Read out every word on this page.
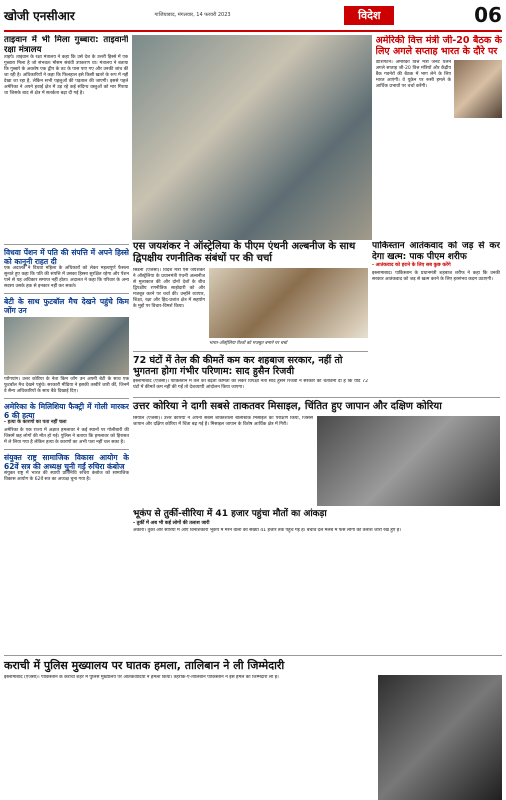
खोजी एनसीआर	गाजियाबाद, मंगलवार, 14 फरवरी 2023	विदेश	06
ताइवान में भी मिला गुब्बारा: ताइवानी रक्षा मंत्रालय

ताइपे। ताइवान के रक्षा मंत्रालय ने कहा कि उसे देश के उत्तरी हिस्से में एक गुब्बारा मिला है जो संभवतः मौसम संबंधी उपकरण था। मंत्रालय ने बताया कि गुब्बारे के अवशेष एक द्वीप के तट के पास पाए गए और उनकी जांच की जा रही है। अधिकारियों ने कहा कि फिलहाल इसे किसी खतरे के रूप में नहीं देखा जा रहा है, लेकिन सभी पहलुओं की पड़ताल की जाएगी। इससे पहले अमेरिका ने अपने हवाई क्षेत्र में उड़ रहे कई संदिग्ध वस्तुओं को मार गिराया था जिसके बाद से क्षेत्र में सतर्कता बढ़ा दी गई है।

अमेरिकी वित्त मंत्री जी-20 बैठक के लिए अगले सप्ताह भारत के दौरे पर

वाशिंगटन। अमेरिकी वित्त मंत्री जेनेट येलेन अगले सप्ताह जी-20 वित्त मंत्रियों और केंद्रीय बैंक गवर्नरों की बैठक में भाग लेने के लिए भारत आएंगी। वे यूक्रेन पर रूसी हमले के आर्थिक प्रभावों पर चर्चा करेंगी।

विधवा पेंशन में पति की संपत्ति में अपने हिस्से को कानूनी राहत दी

एक अदालत ने विधवा महिला के अधिकारों को लेकर महत्वपूर्ण फैसला सुनाते हुए कहा कि पति की संपत्ति में उसका हिस्सा सुरक्षित रहेगा और पेंशन पाने से यह अधिकार समाप्त नहीं होता। अदालत ने कहा कि परिवार के अन्य सदस्य उसके हक से इनकार नहीं कर सकते।

बेटी के साथ फुटबॉल मैच देखने पहुंचे किम जोंग उन

प्योंगयांग। उत्तर कोरिया के नेता किम जोंग उन अपनी बेटी के साथ एक फुटबॉल मैच देखने पहुंचे। सरकारी मीडिया ने इसकी तस्वीरें जारी कीं, जिनमें वे सैन्य अधिकारियों के साथ बैठे दिखाई दिए।

अमेरिका के मिलिशिया फैक्ट्री में गोली मारकर 6 की हत्या
- हत्या के कारणों का पता नहीं चला

अमेरिका के एक राज्य में अज्ञात हमलावर ने कई स्थानों पर गोलीबारी की जिसमें छह लोगों की मौत हो गई। पुलिस ने बताया कि हमलावर को हिरासत में ले लिया गया है लेकिन हत्या के कारणों का अभी पता नहीं चल सका है।

संयुक्त राष्ट्र सामाजिक विकास आयोग के 62वें सत्र की अध्यक्ष चुनी गईं रुचिरा कंबोज

संयुक्त राष्ट्र में भारत की स्थायी प्रतिनिधि रुचिरा कंबोज को सामाजिक विकास आयोग के 62वें सत्र का अध्यक्ष चुना गया है।

एस जयशंकर ने ऑस्ट्रेलिया के पीएम एंथनी अल्बनीज के साथ द्विपक्षीय रणनीतिक संबंधों पर की चर्चा

सिडनी (एजेंसी)। विदेश मंत्री एस जयशंकर ने ऑस्ट्रेलिया के प्रधानमंत्री एंथनी अल्बनीज से मुलाकात की और दोनों देशों के बीच द्विपक्षीय रणनीतिक साझेदारी को और मजबूत करने पर चर्चा की। उन्होंने व्यापार, शिक्षा, रक्षा और हिंद-प्रशांत क्षेत्र में सहयोग के मुद्दों पर विचार-विमर्श किया।

भारत-ऑस्ट्रेलिया रिश्तों को मजबूत बनाने पर चर्चा
72 घंटों में तेल की कीमतें कम कर शहबाज सरकार, नहीं तो भुगतना होगा गंभीर परिणाम: साद हुसैन रिजवी

इस्लामाबाद (एजेंसी)। पाकिस्तान में तेल की बढ़ती कीमतों को लेकर विपक्षी नेता साद हुसैन रिजवी ने सरकार को चेतावनी दी है कि यदि 72 घंटों में कीमतें कम नहीं की गईं तो देशव्यापी आंदोलन किया जाएगा।

पाकिस्तान आतंकवाद को जड़ से कर देगा खत्म: पाक पीएम शरीफ
- आतंकवाद को हराने के लिए सब कुछ करेंगे

इस्लामाबाद। पाकिस्तान के प्रधानमंत्री शहबाज शरीफ ने कहा कि उनकी सरकार आतंकवाद को जड़ से खत्म करने के लिए हरसंभव कदम उठाएगी।

उत्तर कोरिया ने दागी सबसे ताकतवर मिसाइल, चिंतित हुए जापान और दक्षिण कोरिया

सियोल (एजेंसी)। उत्तर कोरिया ने अपनी सबसे शक्तिशाली बैलिस्टिक मिसाइल का परीक्षण किया, जिससे जापान और दक्षिण कोरिया में चिंता बढ़ गई है। मिसाइल जापान के विशेष आर्थिक क्षेत्र में गिरी।

भूकंप से तुर्की-सीरिया में 41 हजार पहुंचा मौतों का आंकड़ा
- तुर्की में अब भी कई लोगों की तलाश जारी

अंकारा। तुर्की और सीरिया में आए विनाशकारी भूकंप में मरने वालों की संख्या 41 हजार तक पहुंच गई है। बचाव दल मलबे में फंसे लोगों की तलाश जारी रखे हुए हैं।

कराची में पुलिस मुख्यालय पर घातक हमला, तालिबान ने ली जिम्मेदारी

इस्लामाबाद (एजेंसी)। पाकिस्तान के कराची शहर में पुलिस मुख्यालय पर आतंकवादियों ने हमला किया। तहरीक-ए-तालिबान पाकिस्तान ने इस हमले की जिम्मेदारी ली है।
